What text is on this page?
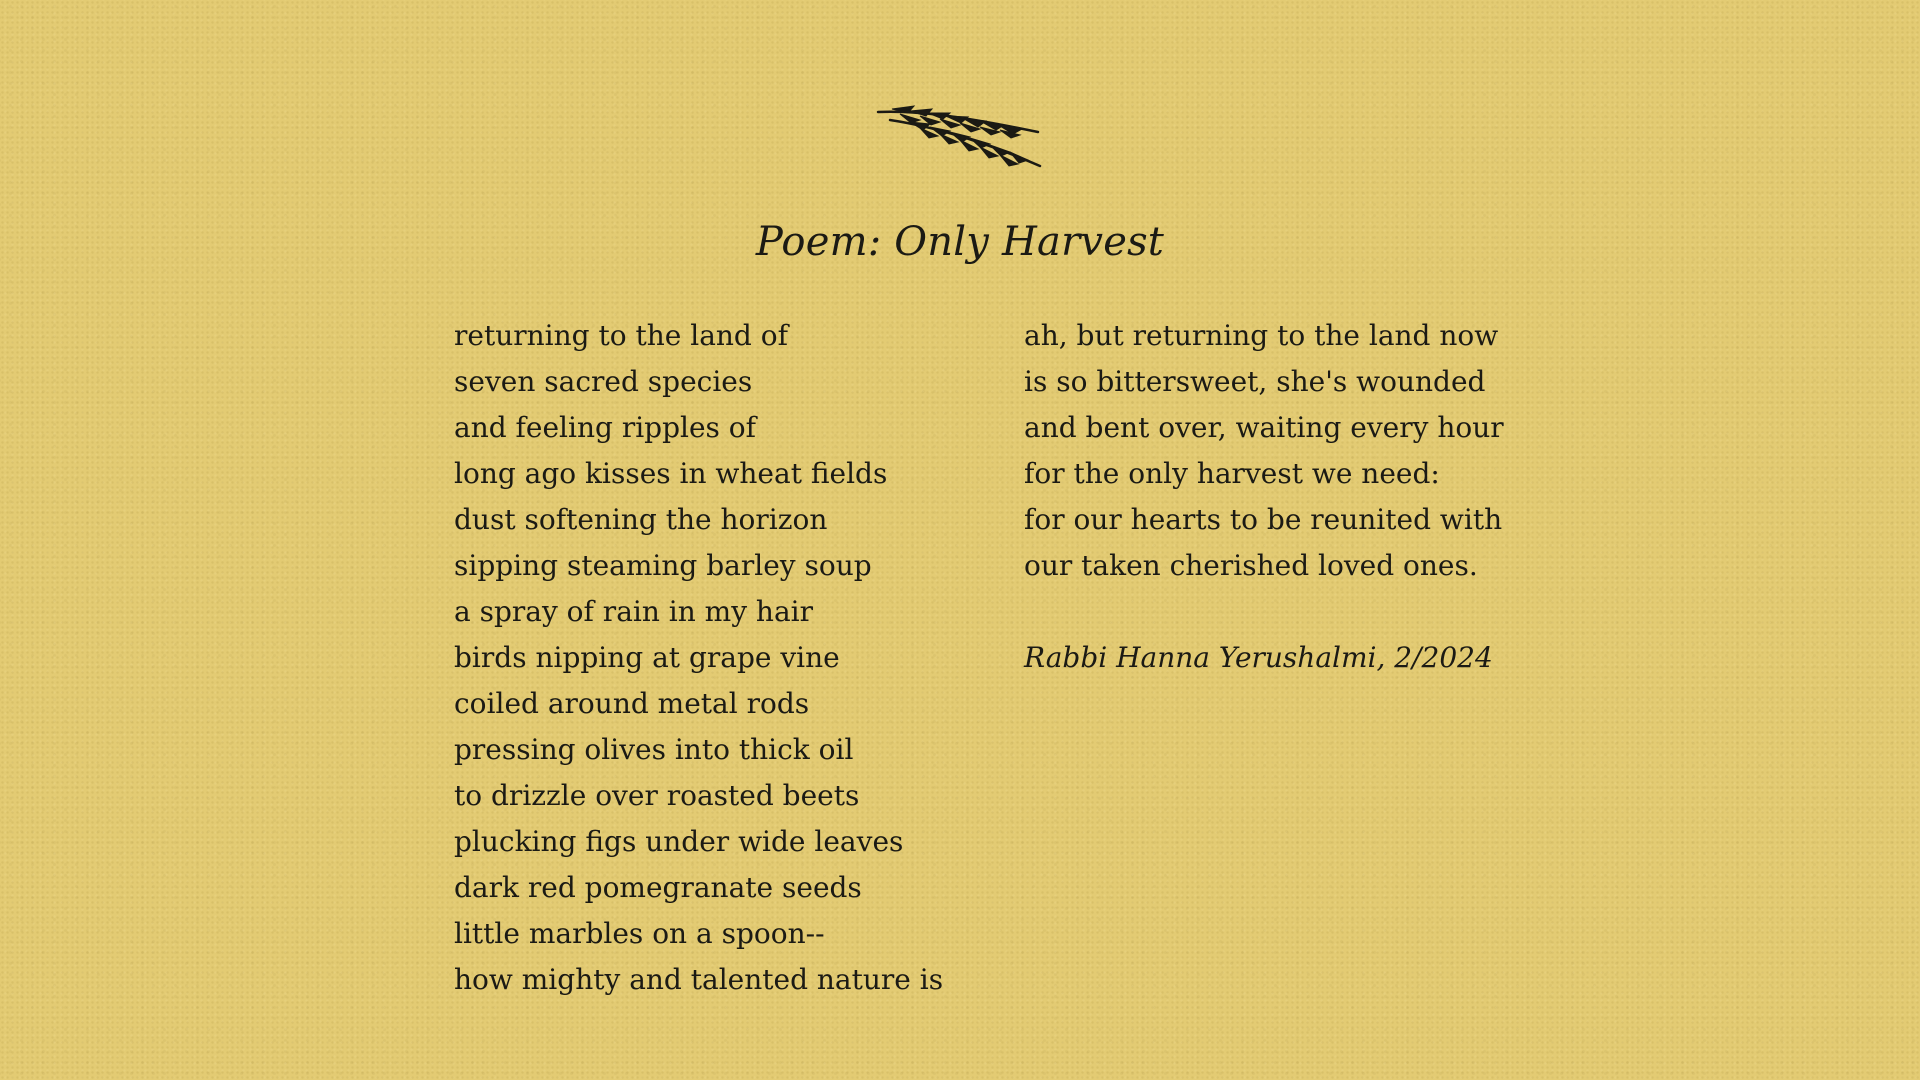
Poem: Only Harvest
returning to the land of
seven sacred species
and feeling ripples of
long ago kisses in wheat fields
dust softening the horizon
sipping steaming barley soup
a spray of rain in my hair
birds nipping at grape vine
coiled around metal rods
pressing olives into thick oil
to drizzle over roasted beets
plucking figs under wide leaves
dark red pomegranate seeds
little marbles on a spoon--
how mighty and talented nature is
ah, but returning to the land now
is so bittersweet, she's wounded
and bent over, waiting every hour
for the only harvest we need:
for our hearts to be reunited with
our taken cherished loved ones.
Rabbi Hanna Yerushalmi, 2/2024
